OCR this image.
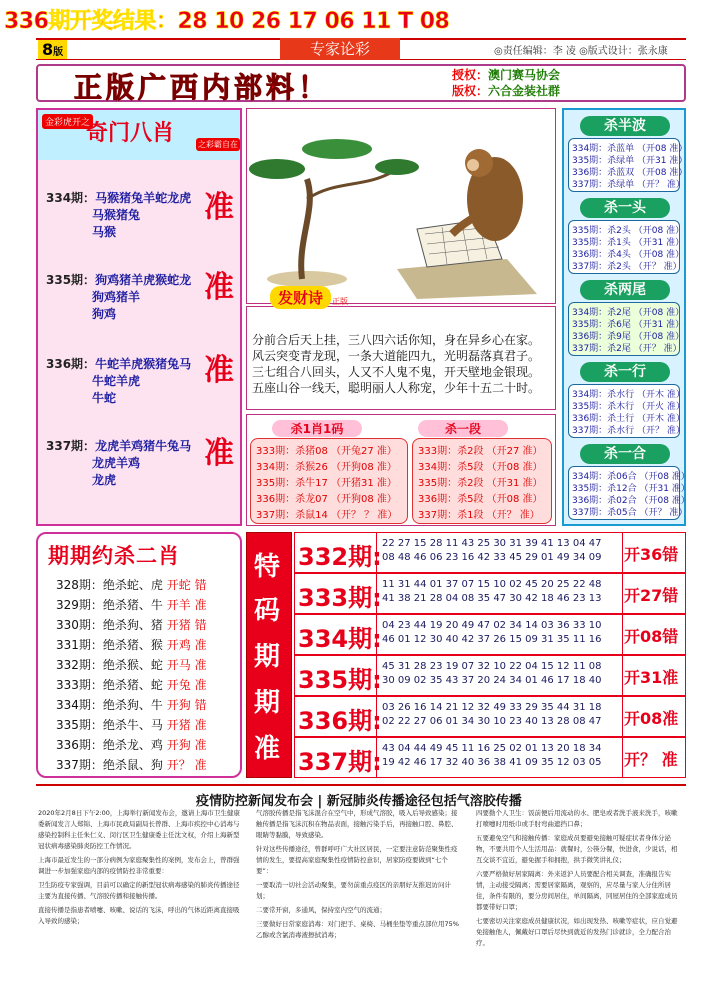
336期开奖结果：28 10 26 17 06 11 T 08
8版	专家论彩	◎责任编辑：李 凌 ◎版式设计：张永康
正版广西内部料！	授权：澳门赛马协会
版权：六合金装社群
金彩虎开之
奇门八肖	之彩霸自在
334期：马猴猪兔羊蛇龙虎
马猴猪兔
马猴
准
335期：狗鸡猪羊虎猴蛇龙
狗鸡猪羊
狗鸡
准
336期：牛蛇羊虎猴猪兔马
牛蛇羊虎
牛蛇
准
337期：龙虎羊鸡猪牛兔马
龙虎羊鸡
龙虎
准
发财诗	正版
分前合后天上挂，三八四六话你知，身在异乡心在家。
风云突变青龙现，一条大道能四九，光明磊落真君子。
三七组合八回头，人又不人鬼不鬼，开天壁地金银现。
五座山谷一线天，聪明丽人人称宠，少年十五二十时。
杀1肖1码	杀一段
333期：杀猪08 （开兔27 准）
334期：杀猴26 （开狗08 准）
335期：杀牛17 （开猪31 准）
336期：杀龙07 （开狗08 准）
337期：杀鼠14 （开？ ？ 准）
333期：杀2段 （开27 准）
334期：杀5段 （开08 准）
335期：杀2段 （开31 准）
336期：杀5段 （开08 准）
337期：杀1段 （开？ 准）
杀半波
334期：杀蓝单 （开08 准）
335期：杀绿单 （开31 准）
336期：杀蓝双 （开08 准）
337期：杀绿单 （开？ 准）
杀一头
335期：杀2头 （开08 准）
335期：杀1头 （开31 准）
336期：杀4头 （开08 准）
337期：杀2头 （开？ 准）
杀两尾
334期：杀2尾 （开08 准）
335期：杀6尾 （开31 准）
336期：杀9尾 （开08 准）
337期：杀2尾 （开？ 准）
杀一行
334期：杀水行 （开木 准）
335期：杀木行 （开火 准）
336期：杀土行 （开木 准）
337期：杀水行 （开？ 准）
杀一合
334期：杀06合 （开08 准）
335期：杀12合 （开31 准）
336期：杀02合 （开08 准）
337期：杀05合 （开？ 准）
期期约杀二肖
328期：绝杀蛇、虎 开蛇 错
329期：绝杀猪、牛 开羊 准
330期：绝杀狗、猪 开猪 错
331期：绝杀猪、猴 开鸡 准
332期：绝杀猴、蛇 开马 准
333期：绝杀猪、蛇 开兔 准
334期：绝杀狗、牛 开狗 错
335期：绝杀牛、马 开猪 准
336期：绝杀龙、鸡 开狗 准
337期：绝杀鼠、狗 开？ 准
特
码
期
期
准
332期: 22 27 15 28 11 43 25 30 31 39 41 13 04 47
08 48 46 06 23 16 42 33 45 29 01 49 34 09 开36错
333期: 11 31 44 01 37 07 15 10 02 45 20 25 22 48
41 38 21 28 04 08 35 47 30 42 18 46 23 13 开27错
334期: 04 23 44 19 20 49 47 02 34 14 03 36 33 10
46 01 12 30 40 42 37 26 15 09 31 35 11 16 开08错
335期: 45 31 28 23 19 07 32 10 22 04 15 12 11 08
30 09 02 35 43 37 20 24 34 01 46 17 18 40 开31准
336期: 03 26 16 14 21 12 32 49 33 29 35 44 31 18
02 22 27 06 01 34 30 10 23 40 13 28 08 47 开08准
337期: 43 04 44 49 45 11 16 25 02 01 13 20 18 34
19 42 46 17 32 40 36 38 41 09 35 12 03 05 开？ 准
疫情防控新闻发布会 | 新冠肺炎传播途径包括气溶胶传播

2020年2月8日下午2:00，上海举行新闻发布会，邀请上海市卫生健康委新闻发言人郑锦、上海市民政局副局长曾群、上海市疾控中心消毒与感染控制科主任朱仁义、闵行区卫生健康委主任沈文权，介绍上海新型冠状病毒感染肺炎防控工作情况。

上海市最近发生的一部分病例为家庭聚集性的案例，发布会上，曾群强调进一步加强家庭内部的疫情防控非常重要：

卫生防疫专家强调，目前可以确定的新型冠状病毒感染的肺炎传播途径主要为直接传播、气溶胶传播和接触传播。

直接传播是指患者喷嚏、咳嗽、说话的飞沫，呼出的气体近距离直接吸入导致的感染；

气溶胶传播是指飞沫混合在空气中，形成气溶胶，吸入后导致感染；接触传播是指飞沫沉积在物品表面，接触污染手后，再接触口腔、鼻腔、眼睛等黏膜，导致感染。

针对这些传播途径，曾群呼吁广大社区居民，一定要注意防范聚集性疫情的发生，要提高家庭聚集性疫情防控意识，居家防疫要做到“七个要”：

一要取消一切社会活动聚集，要勿前重点疫区的亲朋好友推迟访问计划；

二要常开窗，多通风，保持室内空气的流通；

三要做好日常家庭消毒：对门把手、桌椅、马桶坐垫等重点部位用75%乙醇或含氯消毒液擦拭消毒；

四要勤个人卫生：饭前便后用流动的水、肥皂或者洗手液来洗手，咳嗽打喷嚏时用纸巾或手肘弯曲遮挡口鼻；

五要避免空气和接触传播：家庭成员要避免接触可疑症状者身体分泌物，不要共用个人生活用品：就餐时，公筷分餐，快进食，少说话，相互交谈不宜近，避免握手和拥抱，拱手微笑讲礼仪；

六要严格做好居家隔离：外来返沪人员要配合相关调查，准确报告实情，主动接受隔离；需要居家隔离，观察的，应尽量与家人分住所居住，条件有限的，要分房间居住，单间隔离，同屋居住的全部家庭成员都要带好口罩；

七要密切关注家庭成员健康状况，如出现发热、咳嗽等症状，应自觉避免接触他人，佩戴好口罩后尽快到就近的发热门诊就诊，全力配合治疗。
